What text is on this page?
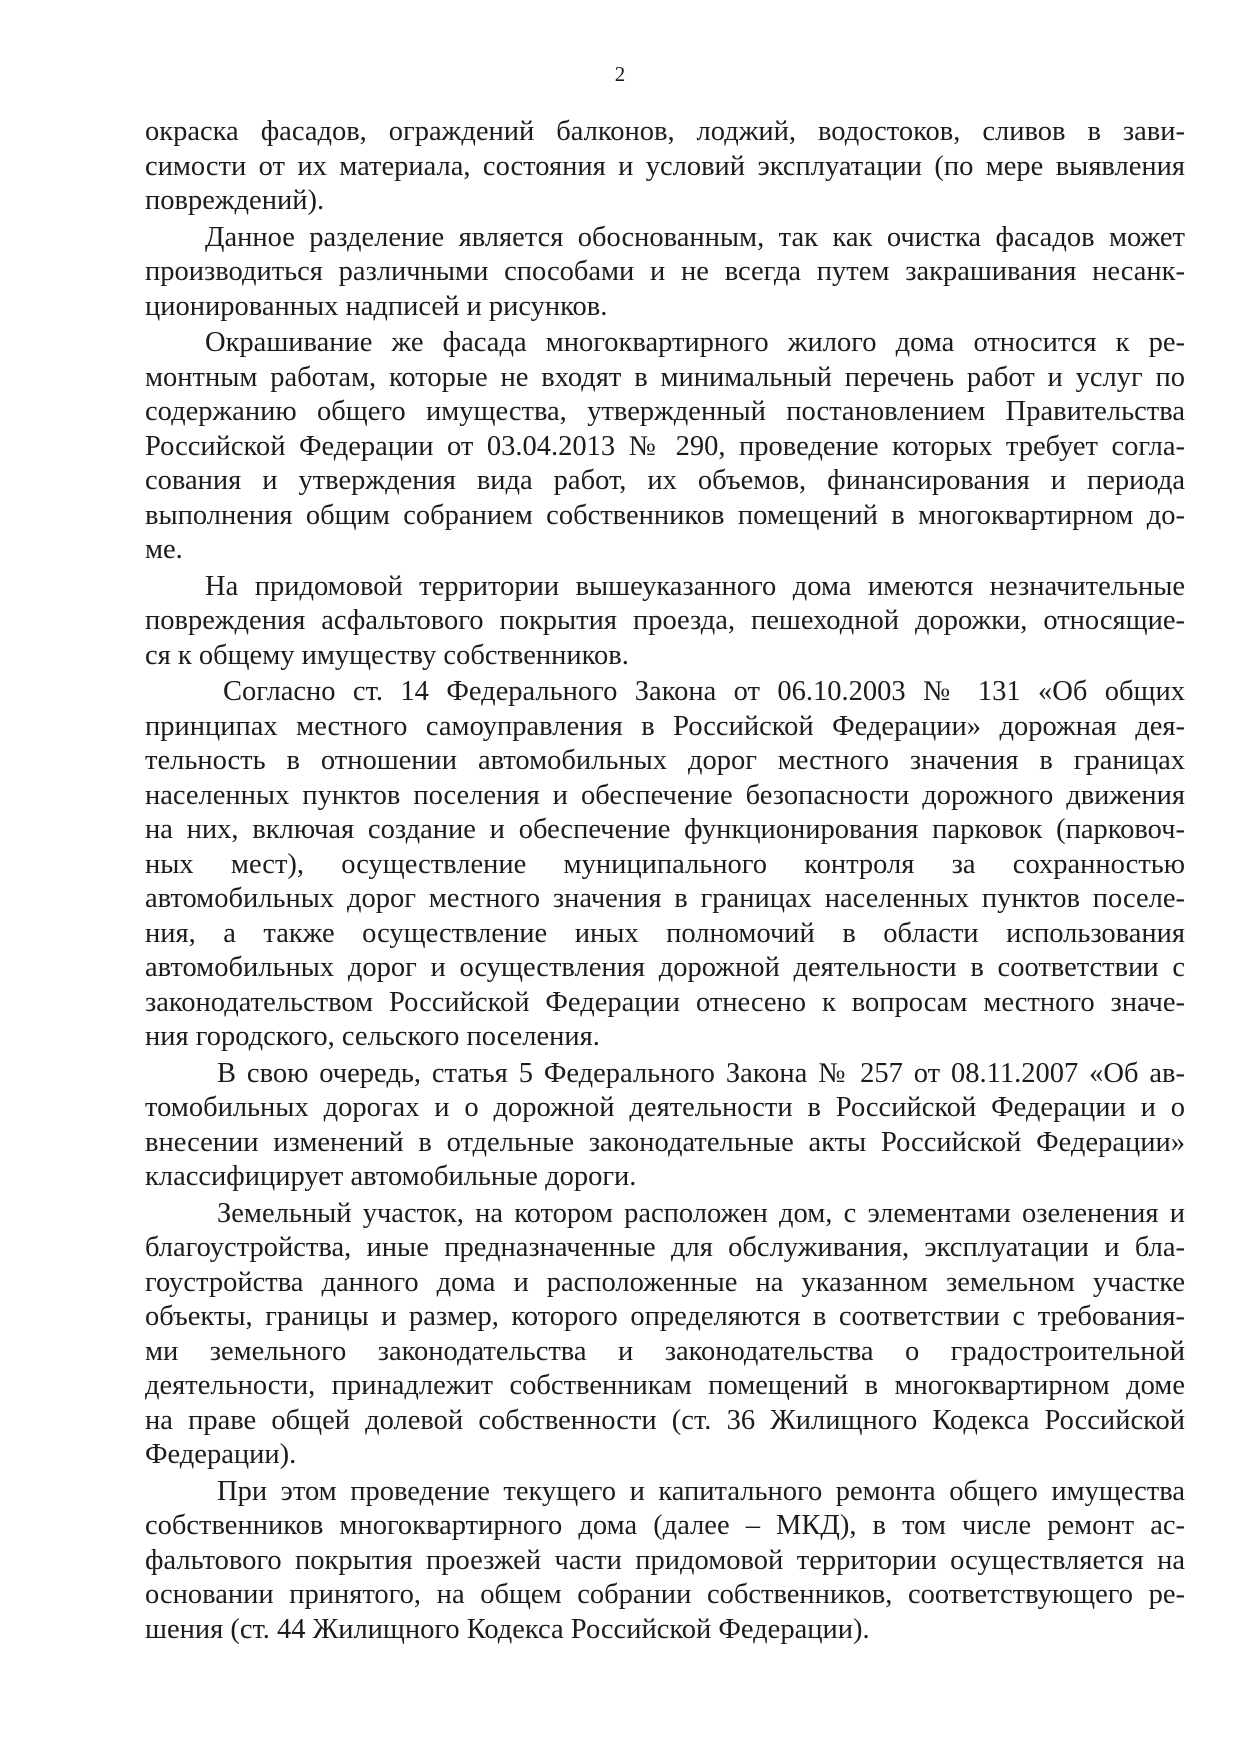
2

окраска фасадов, ограждений балконов, лоджий, водостоков, сливов в зави-
симости от их материала, состояния и условий эксплуатации (по мере выявления
повреждений).

Данное разделение является обоснованным, так как очистка фасадов может
производиться различными способами и не всегда путем закрашивания несанк-
ционированных надписей и рисунков.

Окрашивание же фасада многоквартирного жилого дома относится к ре-
монтным работам, которые не входят в минимальный перечень работ и услуг по
содержанию общего имущества, утвержденный постановлением Правительства
Российской Федерации от 03.04.2013 № 290, проведение которых требует согла-
сования и утверждения вида работ, их объемов, финансирования и периода
выполнения общим собранием собственников помещений в многоквартирном до-
ме.

На придомовой территории вышеуказанного дома имеются незначительные
повреждения асфальтового покрытия проезда, пешеходной дорожки, относящие-
ся к общему имуществу собственников.

Согласно ст. 14 Федерального Закона от 06.10.2003 № 131 «Об общих
принципах местного самоуправления в Российской Федерации» дорожная дея-
тельность в отношении автомобильных дорог местного значения в границах
населенных пунктов поселения и обеспечение безопасности дорожного движения
на них, включая создание и обеспечение функционирования парковок (парковоч-
ных мест), осуществление муниципального контроля за сохранностью
автомобильных дорог местного значения в границах населенных пунктов поселе-
ния, а также осуществление иных полномочий в области использования
автомобильных дорог и осуществления дорожной деятельности в соответствии с
законодательством Российской Федерации отнесено к вопросам местного значе-
ния городского, сельского поселения.

В свою очередь, статья 5 Федерального Закона № 257 от 08.11.2007 «Об ав-
томобильных дорогах и о дорожной деятельности в Российской Федерации и о
внесении изменений в отдельные законодательные акты Российской Федерации»
классифицирует автомобильные дороги.

Земельный участок, на котором расположен дом, с элементами озеленения и
благоустройства, иные предназначенные для обслуживания, эксплуатации и бла-
гоустройства данного дома и расположенные на указанном земельном участке
объекты, границы и размер, которого определяются в соответствии с требования-
ми земельного законодательства и законодательства о градостроительной
деятельности, принадлежит собственникам помещений в многоквартирном доме
на праве общей долевой собственности (ст. 36 Жилищного Кодекса Российской
Федерации).

При этом проведение текущего и капитального ремонта общего имущества
собственников многоквартирного дома (далее – МКД), в том числе ремонт ас-
фальтового покрытия проезжей части придомовой территории осуществляется на
основании принятого, на общем собрании собственников, соответствующего ре-
шения (ст. 44 Жилищного Кодекса Российской Федерации).
